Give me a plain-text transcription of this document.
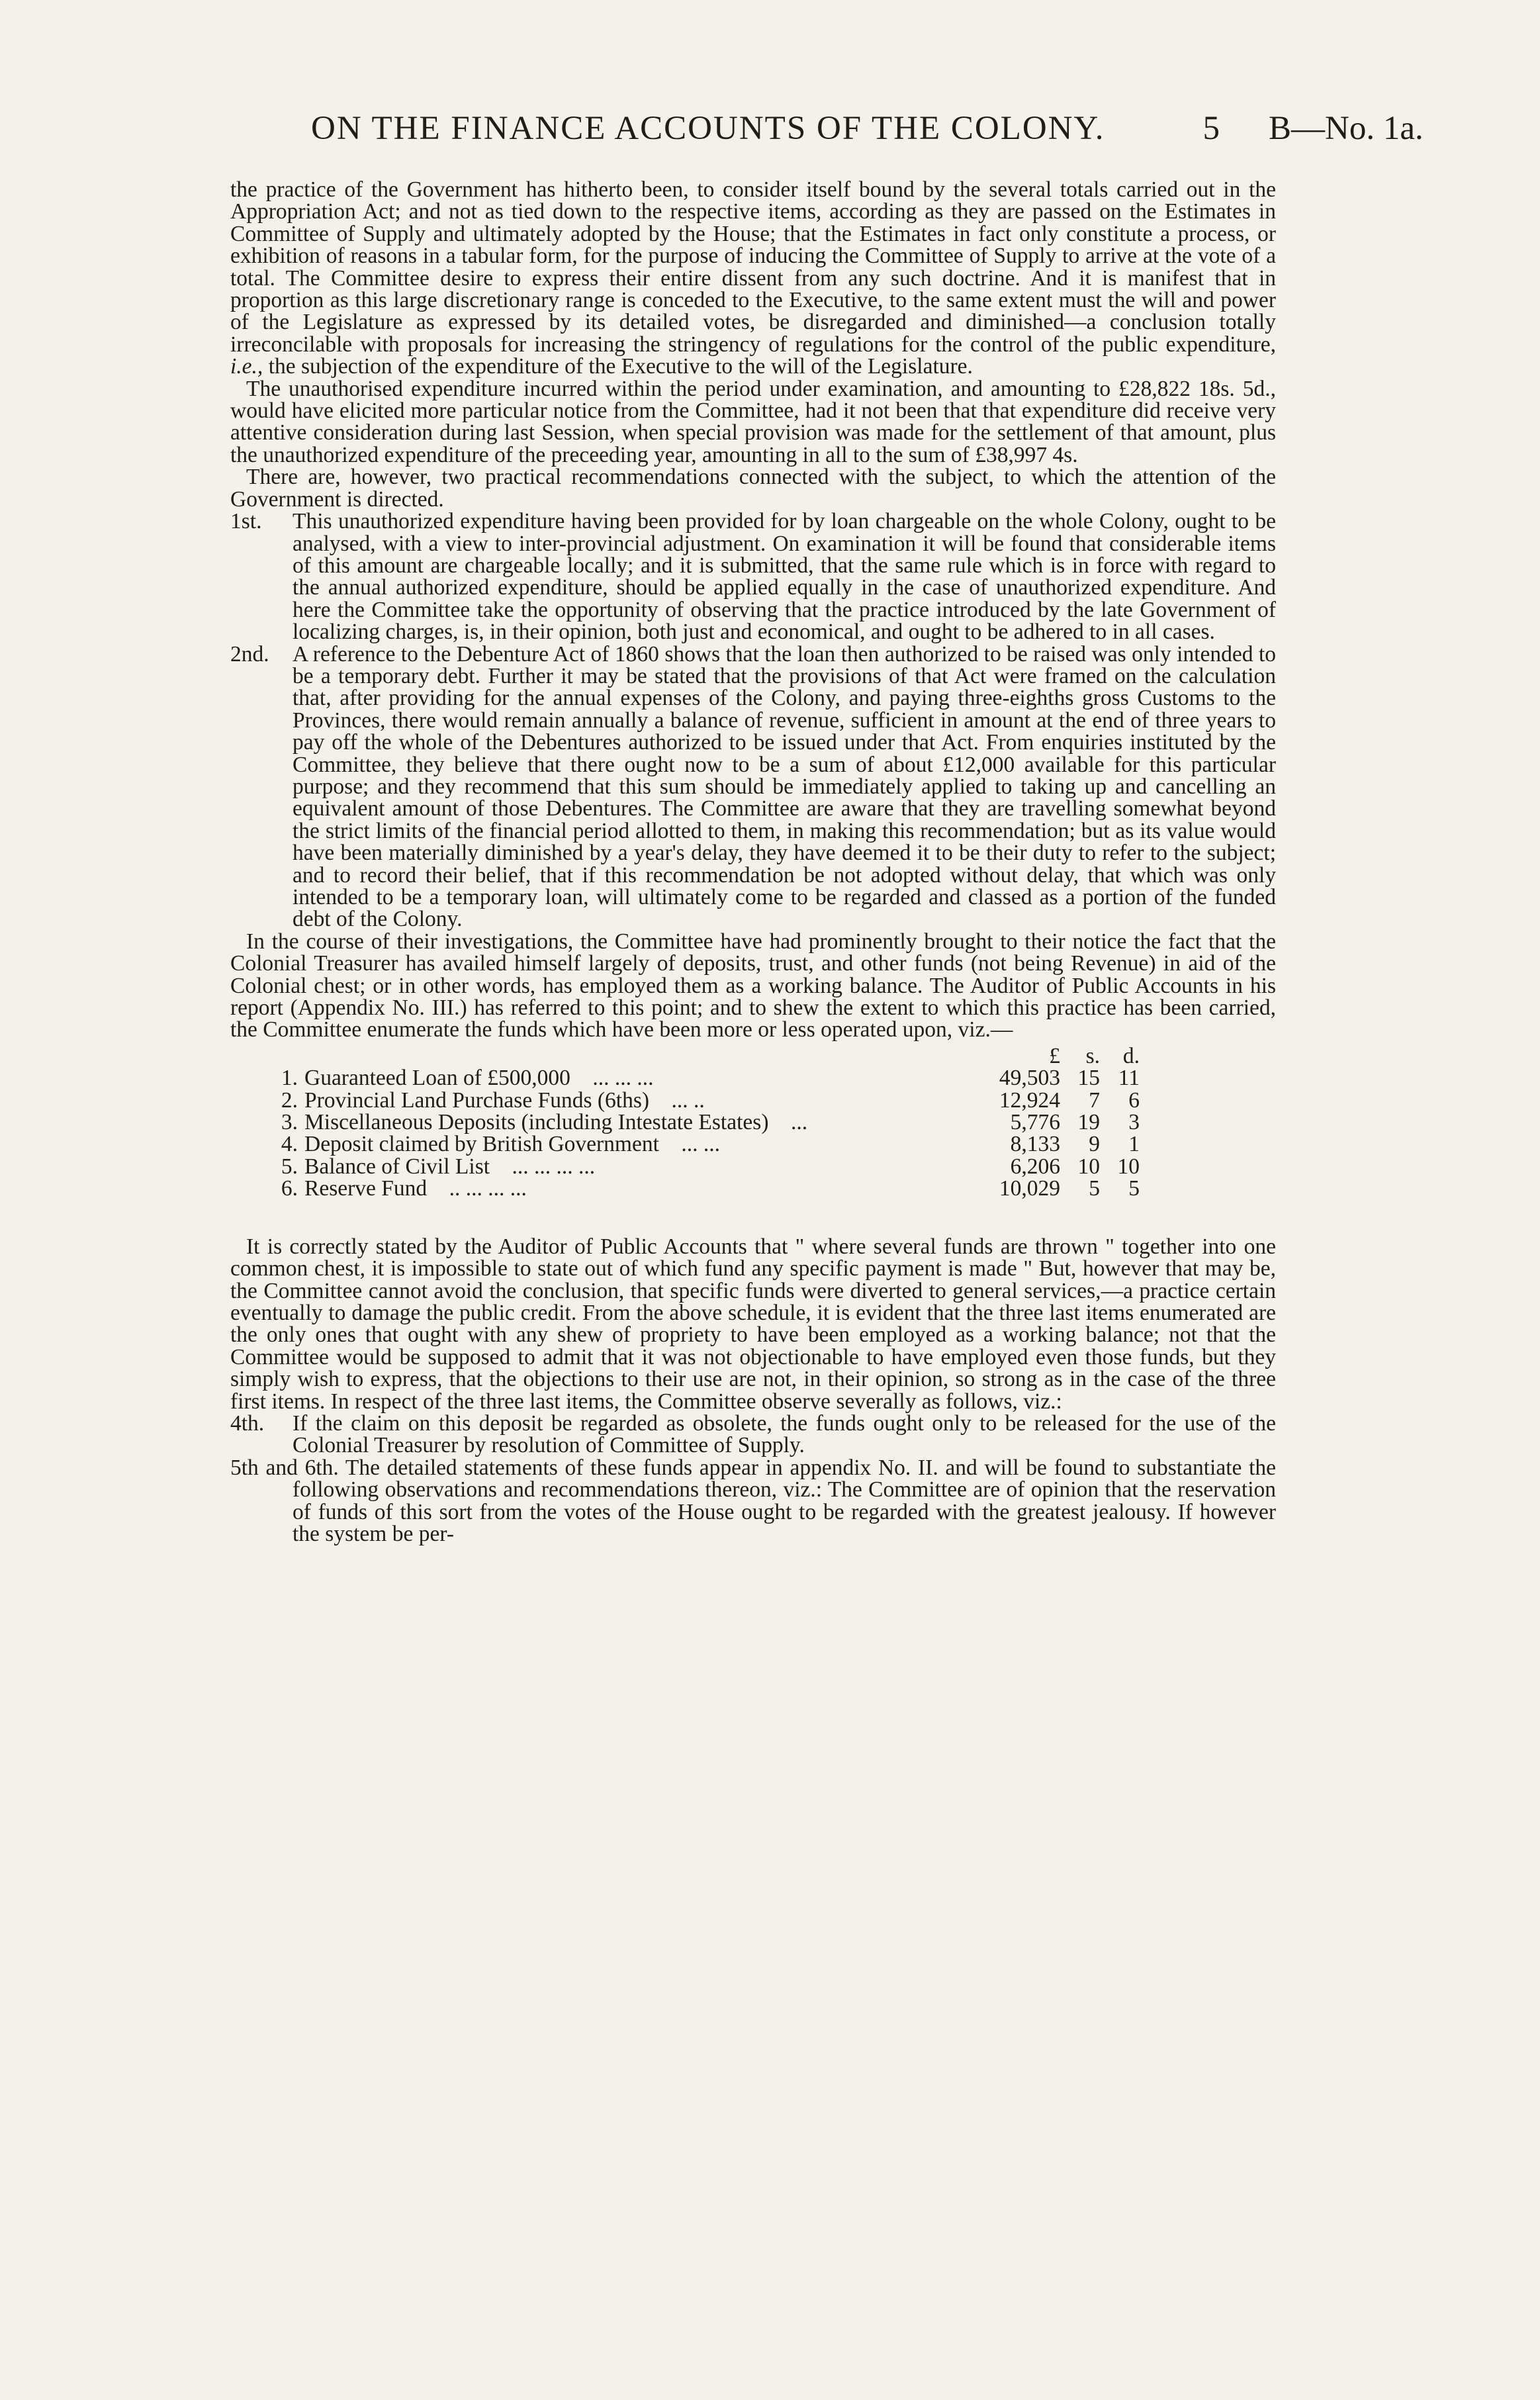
ON THE FINANCE ACCOUNTS OF THE COLONY.	5 B—No. 1a.

the practice of the Government has hitherto been, to consider itself bound by the several totals carried out in the Appropriation Act; and not as tied down to the respective items, according as they are passed on the Estimates in Committee of Supply and ultimately adopted by the House; that the Estimates in fact only constitute a process, or exhibition of reasons in a tabular form, for the purpose of inducing the Committee of Supply to arrive at the vote of a total. The Committee desire to express their entire dissent from any such doctrine. And it is manifest that in proportion as this large discretionary range is conceded to the Executive, to the same extent must the will and power of the Legislature as expressed by its detailed votes, be disregarded and diminished—a conclusion totally irreconcilable with proposals for increasing the stringency of regulations for the control of the public expenditure, i.e., the subjection of the expenditure of the Executive to the will of the Legislature.

The unauthorised expenditure incurred within the period under examination, and amounting to £28,822 18s. 5d., would have elicited more particular notice from the Committee, had it not been that that expenditure did receive very attentive consideration during last Session, when special provision was made for the settlement of that amount, plus the unauthorized expenditure of the preceeding year, amounting in all to the sum of £38,997 4s.

There are, however, two practical recommendations connected with the subject, to which the attention of the Government is directed.

1st. This unauthorized expenditure having been provided for by loan chargeable on the whole Colony, ought to be analysed, with a view to inter-provincial adjustment. On examination it will be found that considerable items of this amount are chargeable locally; and it is submitted, that the same rule which is in force with regard to the annual authorized expenditure, should be applied equally in the case of unauthorized expenditure. And here the Committee take the opportunity of observing that the practice introduced by the late Government of localizing charges, is, in their opinion, both just and economical, and ought to be adhered to in all cases.

2nd. A reference to the Debenture Act of 1860 shows that the loan then authorized to be raised was only intended to be a temporary debt. Further it may be stated that the provisions of that Act were framed on the calculation that, after providing for the annual expenses of the Colony, and paying three-eighths gross Customs to the Provinces, there would remain annually a balance of revenue, sufficient in amount at the end of three years to pay off the whole of the Debentures authorized to be issued under that Act. From enquiries instituted by the Committee, they believe that there ought now to be a sum of about £12,000 available for this particular purpose; and they recommend that this sum should be immediately applied to taking up and cancelling an equivalent amount of those Debentures. The Committee are aware that they are travelling somewhat beyond the strict limits of the financial period allotted to them, in making this recommendation; but as its value would have been materially diminished by a year's delay, they have deemed it to be their duty to refer to the subject; and to record their belief, that if this recommendation be not adopted without delay, that which was only intended to be a temporary loan, will ultimately come to be regarded and classed as a portion of the funded debt of the Colony.

In the course of their investigations, the Committee have had prominently brought to their notice the fact that the Colonial Treasurer has availed himself largely of deposits, trust, and other funds (not being Revenue) in aid of the Colonial chest; or in other words, has employed them as a working balance. The Auditor of Public Accounts in his report (Appendix No. III.) has referred to this point; and to shew the extent to which this practice has been carried, the Committee enumerate the funds which have been more or less operated upon, viz.—

		£	s.	d.
1.	Guaranteed Loan of £500,000 ... ... ...	49,503	15	11
2.	Provincial Land Purchase Funds (6ths) ... ..	12,924	7	6
3.	Miscellaneous Deposits (including Intestate Estates) ...	5,776	19	3
4.	Deposit claimed by British Government ... ...	8,133	9	1
5.	Balance of Civil List ... ... ... ...	6,206	10	10
6.	Reserve Fund .. ... ... ...	10,029	5	5

It is correctly stated by the Auditor of Public Accounts that " where several funds are thrown " together into one common chest, it is impossible to state out of which fund any specific payment is made " But, however that may be, the Committee cannot avoid the conclusion, that specific funds were diverted to general services,—a practice certain eventually to damage the public credit. From the above schedule, it is evident that the three last items enumerated are the only ones that ought with any shew of propriety to have been employed as a working balance; not that the Committee would be supposed to admit that it was not objectionable to have employed even those funds, but they simply wish to express, that the objections to their use are not, in their opinion, so strong as in the case of the three first items. In respect of the three last items, the Committee observe severally as follows, viz.:

4th. If the claim on this deposit be regarded as obsolete, the funds ought only to be released for the use of the Colonial Treasurer by resolution of Committee of Supply.

5th and 6th. The detailed statements of these funds appear in appendix No. II. and will be found to substantiate the following observations and recommendations thereon, viz.: The Committee are of opinion that the reservation of funds of this sort from the votes of the House ought to be regarded with the greatest jealousy. If however the system be per-
